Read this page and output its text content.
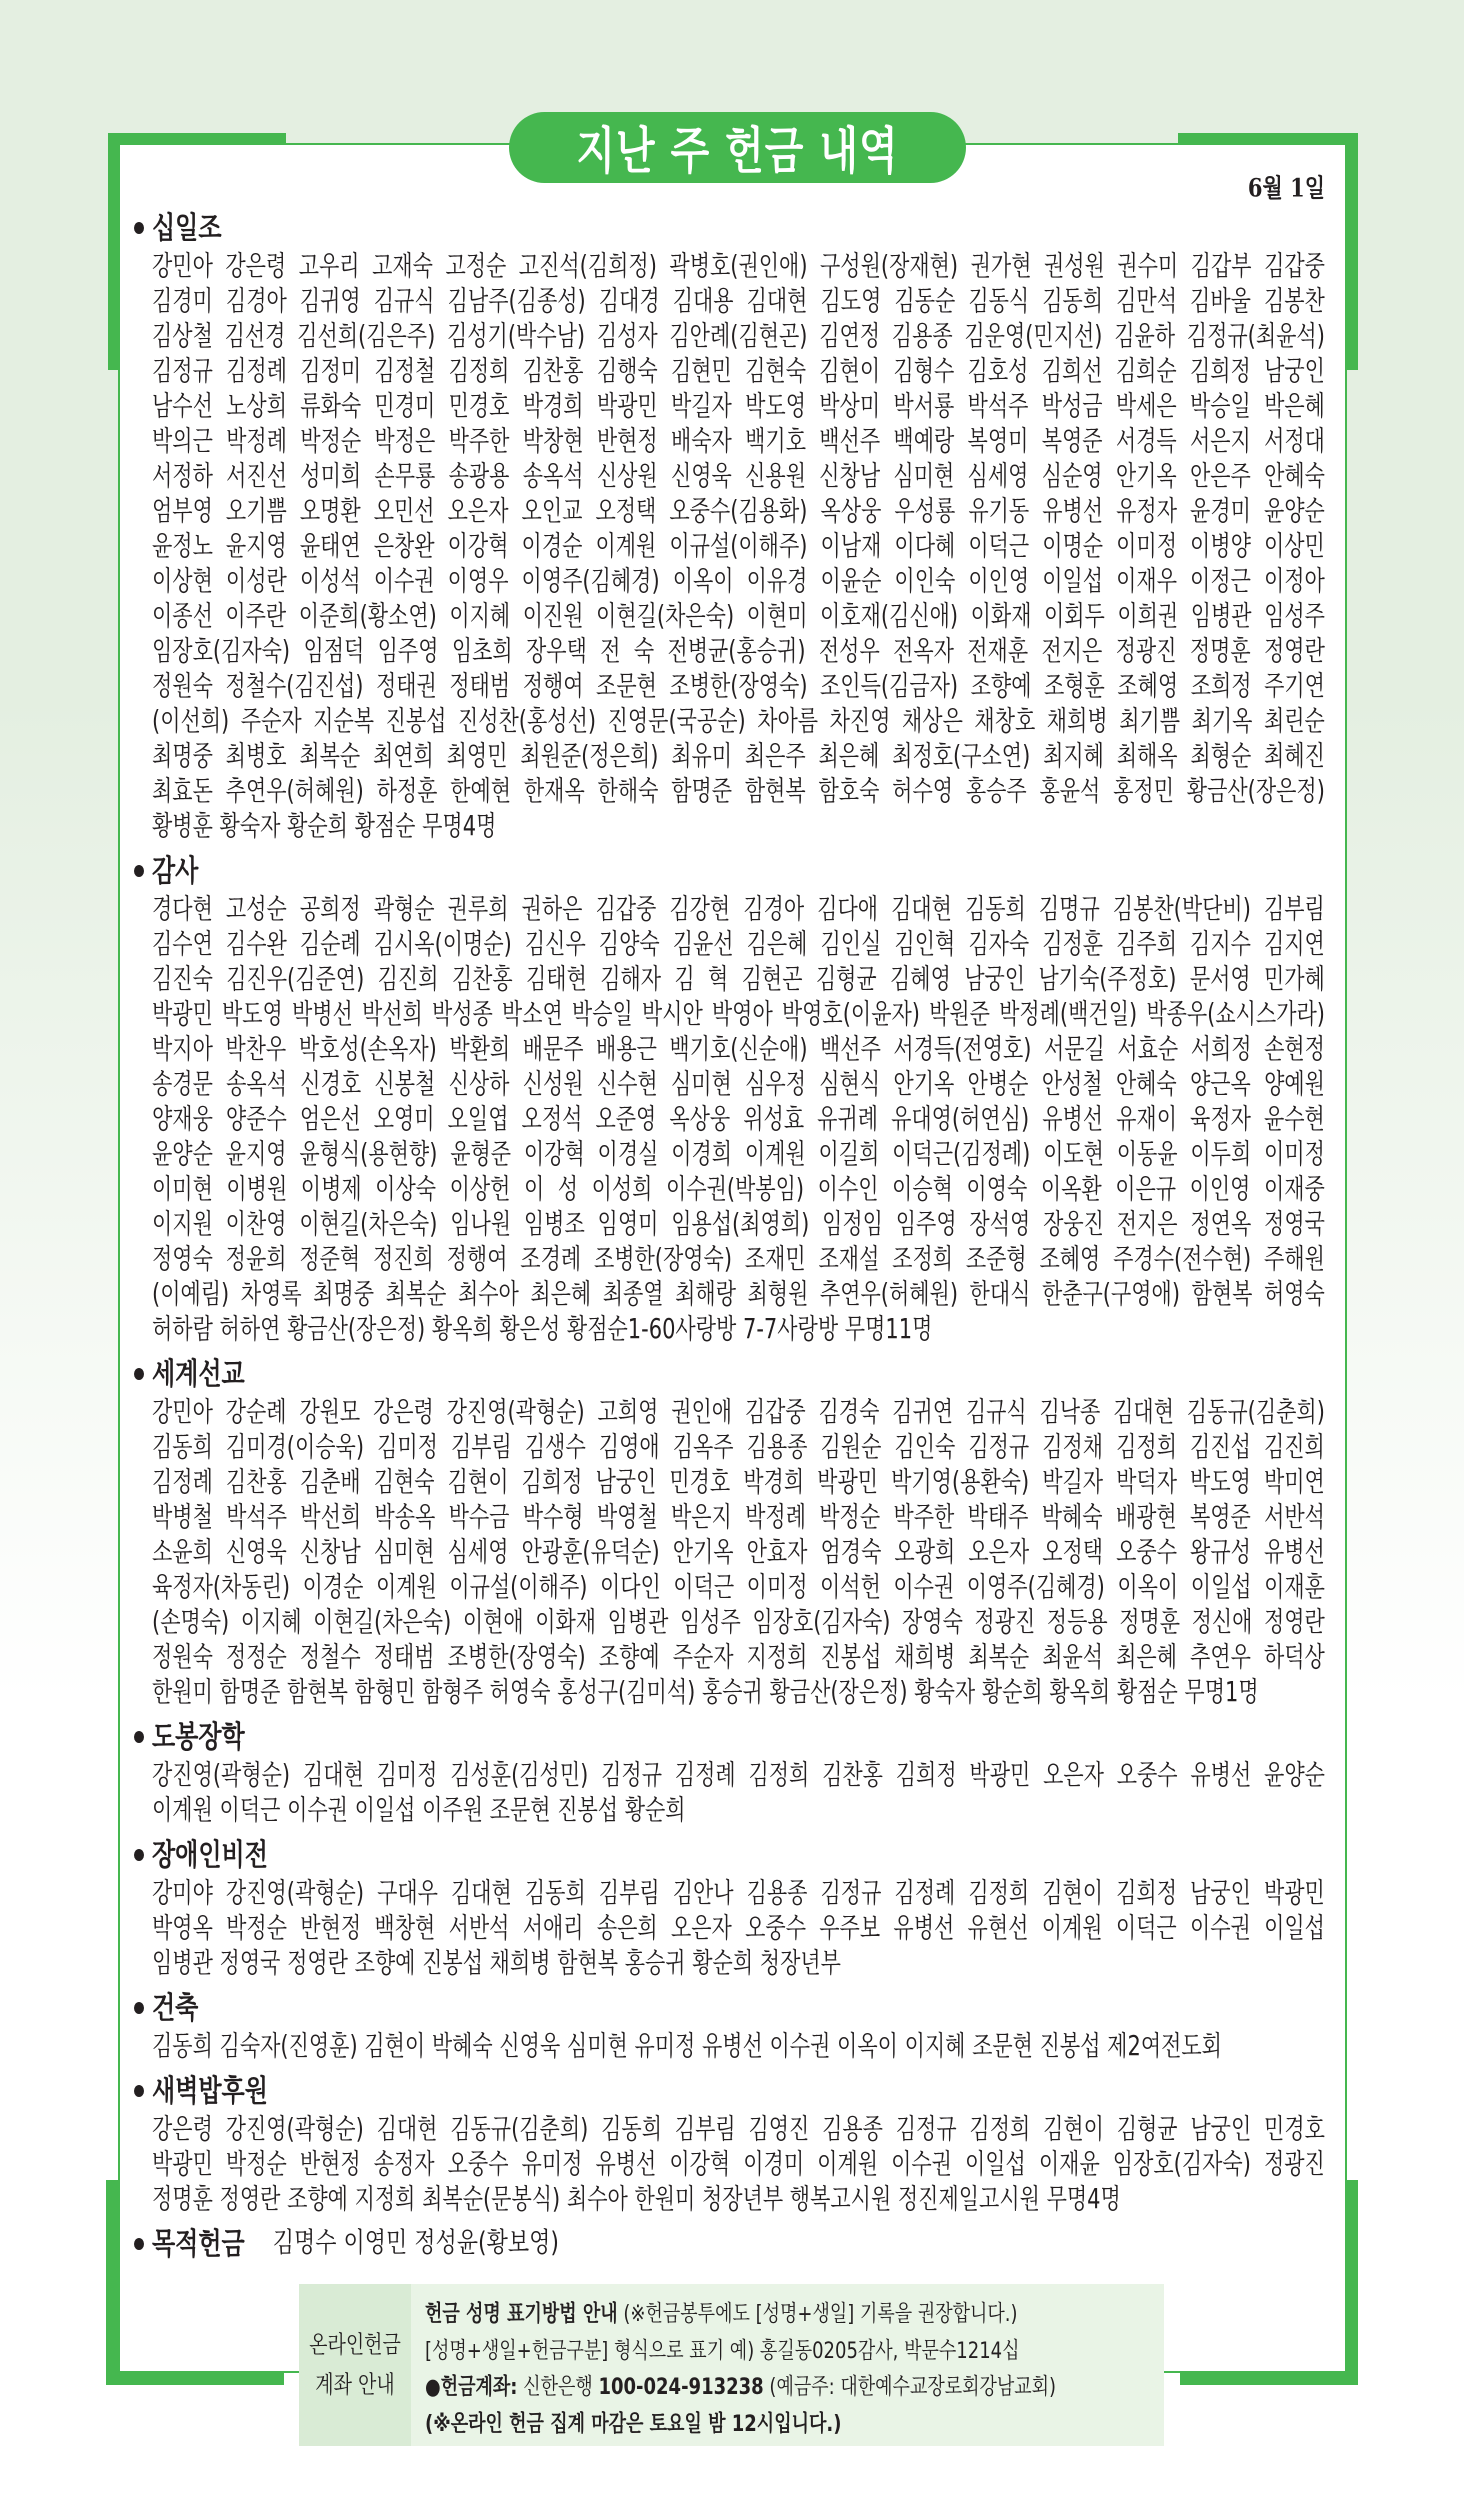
지난 주 헌금 내역
6월 1일
십일조
강민아 강은령 고우리 고재숙 고정순 고진석(김희정) 곽병호(권인애) 구성원(장재현) 권가현 권성원 권수미 김갑부 김갑중
김경미 김경아 김귀영 김규식 김남주(김종성) 김대경 김대용 김대현 김도영 김동순 김동식 김동희 김만석 김바울 김봉찬
김상철 김선경 김선희(김은주) 김성기(박수남) 김성자 김안례(김현곤) 김연정 김용종 김운영(민지선) 김윤하 김정규(최윤석)
김정규 김정례 김정미 김정철 김정희 김찬홍 김행숙 김현민 김현숙 김현이 김형수 김호성 김희선 김희순 김희정 남궁인
남수선 노상희 류화숙 민경미 민경호 박경희 박광민 박길자 박도영 박상미 박서룡 박석주 박성금 박세은 박승일 박은혜
박의근 박정례 박정순 박정은 박주한 박창현 반현정 배숙자 백기호 백선주 백예랑 복영미 복영준 서경득 서은지 서정대
서정하 서진선 성미희 손무룡 송광용 송옥석 신상원 신영욱 신용원 신창남 심미현 심세영 심순영 안기옥 안은주 안혜숙
엄부영 오기쁨 오명환 오민선 오은자 오인교 오정택 오중수(김용화) 옥상웅 우성룡 유기동 유병선 유정자 윤경미 윤양순
윤정노 윤지영 윤태연 은창완 이강혁 이경순 이계원 이규설(이해주) 이남재 이다혜 이덕근 이명순 이미정 이병양 이상민
이상현 이성란 이성석 이수권 이영우 이영주(김혜경) 이옥이 이유경 이윤순 이인숙 이인영 이일섭 이재우 이정근 이정아
이종선 이주란 이준희(황소연) 이지혜 이진원 이현길(차은숙) 이현미 이호재(김신애) 이화재 이회두 이희권 임병관 임성주
임장호(김자숙) 임점덕 임주영 임초희 장우택 전 숙 전병균(홍승귀) 전성우 전옥자 전재훈 전지은 정광진 정명훈 정영란
정원숙 정철수(김진섭) 정태권 정태범 정행여 조문현 조병한(장영숙) 조인득(김금자) 조향예 조형훈 조혜영 조희정 주기연
(이선희) 주순자 지순복 진봉섭 진성찬(홍성선) 진영문(국공순) 차아름 차진영 채상은 채창호 채희병 최기쁨 최기옥 최린순
최명중 최병호 최복순 최연희 최영민 최원준(정은희) 최유미 최은주 최은혜 최정호(구소연) 최지혜 최해옥 최형순 최혜진
최효돈 추연우(허혜원) 하정훈 한예현 한재옥 한해숙 함명준 함현복 함호숙 허수영 홍승주 홍윤석 홍정민 황금산(장은정)
황병훈 황숙자 황순희 황점순 무명4명
감사
경다현 고성순 공희정 곽형순 권루희 권하은 김갑중 김강현 김경아 김다애 김대현 김동희 김명규 김봉찬(박단비) 김부림
김수연 김수완 김순례 김시옥(이명순) 김신우 김양숙 김윤선 김은혜 김인실 김인혁 김자숙 김정훈 김주희 김지수 김지연
김진숙 김진우(김준연) 김진희 김찬홍 김태현 김해자 김 혁 김현곤 김형균 김혜영 남궁인 남기숙(주정호) 문서영 민가혜
박광민 박도영 박병선 박선희 박성종 박소연 박승일 박시안 박영아 박영호(이윤자) 박원준 박정례(백건일) 박종우(쇼시스가라)
박지아 박찬우 박호성(손옥자) 박환희 배문주 배용근 백기호(신순애) 백선주 서경득(전영호) 서문길 서효순 서희정 손현정
송경문 송옥석 신경호 신봉철 신상하 신성원 신수현 심미현 심우정 심현식 안기옥 안병순 안성철 안혜숙 양근옥 양예원
양재웅 양준수 엄은선 오영미 오일엽 오정석 오준영 옥상웅 위성효 유귀례 유대영(허연심) 유병선 유재이 육정자 윤수현
윤양순 윤지영 윤형식(용현향) 윤형준 이강혁 이경실 이경희 이계원 이길희 이덕근(김정례) 이도현 이동윤 이두희 이미정
이미현 이병원 이병제 이상숙 이상헌 이 성 이성희 이수권(박봉임) 이수인 이승혁 이영숙 이옥환 이은규 이인영 이재중
이지원 이찬영 이현길(차은숙) 임나원 임병조 임영미 임용섭(최영희) 임정임 임주영 장석영 장웅진 전지은 정연옥 정영국
정영숙 정윤희 정준혁 정진희 정행여 조경례 조병한(장영숙) 조재민 조재설 조정희 조준형 조혜영 주경수(전수현) 주해원
(이예림) 차영록 최명중 최복순 최수아 최은혜 최종열 최해랑 최형원 추연우(허혜원) 한대식 한춘구(구영애) 함현복 허영숙
허하람 허하연 황금산(장은정) 황옥희 황은성 황점순1-60사랑방 7-7사랑방 무명11명
세계선교
강민아 강순례 강원모 강은령 강진영(곽형순) 고희영 권인애 김갑중 김경숙 김귀연 김규식 김낙종 김대현 김동규(김춘희)
김동희 김미경(이승욱) 김미정 김부림 김생수 김영애 김옥주 김용종 김원순 김인숙 김정규 김정채 김정희 김진섭 김진희
김정례 김찬홍 김춘배 김현숙 김현이 김희정 남궁인 민경호 박경희 박광민 박기영(용환숙) 박길자 박덕자 박도영 박미연
박병철 박석주 박선희 박송옥 박수금 박수형 박영철 박은지 박정례 박정순 박주한 박태주 박혜숙 배광현 복영준 서반석
소윤희 신영욱 신창남 심미현 심세영 안광훈(유덕순) 안기옥 안효자 엄경숙 오광희 오은자 오정택 오중수 왕규성 유병선
육정자(차동린) 이경순 이계원 이규설(이해주) 이다인 이덕근 이미정 이석헌 이수권 이영주(김혜경) 이옥이 이일섭 이재훈
(손명숙) 이지혜 이현길(차은숙) 이현애 이화재 임병관 임성주 임장호(김자숙) 장영숙 정광진 정등용 정명훈 정신애 정영란
정원숙 정정순 정철수 정태범 조병한(장영숙) 조향예 주순자 지정희 진봉섭 채희병 최복순 최윤석 최은혜 추연우 하덕상
한원미 함명준 함현복 함형민 함형주 허영숙 홍성구(김미석) 홍승귀 황금산(장은정) 황숙자 황순희 황옥희 황점순 무명1명
도봉장학
강진영(곽형순) 김대현 김미정 김성훈(김성민) 김정규 김정례 김정희 김찬홍 김희정 박광민 오은자 오중수 유병선 윤양순
이계원 이덕근 이수권 이일섭 이주원 조문현 진봉섭 황순희
장애인비전
강미야 강진영(곽형순) 구대우 김대현 김동희 김부림 김안나 김용종 김정규 김정례 김정희 김현이 김희정 남궁인 박광민
박영옥 박정순 반현정 백창현 서반석 서애리 송은희 오은자 오중수 우주보 유병선 유현선 이계원 이덕근 이수권 이일섭
임병관 정영국 정영란 조향예 진봉섭 채희병 함현복 홍승귀 황순희 청장년부
건축
김동희 김숙자(진영훈) 김현이 박혜숙 신영욱 심미현 유미정 유병선 이수권 이옥이 이지혜 조문현 진봉섭 제2여전도회
새벽밥후원
강은령 강진영(곽형순) 김대현 김동규(김춘희) 김동희 김부림 김영진 김용종 김정규 김정희 김현이 김형균 남궁인 민경호
박광민 박정순 반현정 송정자 오중수 유미정 유병선 이강혁 이경미 이계원 이수권 이일섭 이재윤 임장호(김자숙) 정광진
정명훈 정영란 조향예 지정희 최복순(문봉식) 최수아 한원미 청장년부 행복고시원 정진제일고시원 무명4명
목적헌금 김명수 이영민 정성윤(황보영)
온라인헌금
계좌 안내
헌금 성명 표기방법 안내 (※헌금봉투에도 [성명+생일] 기록을 권장합니다.)
[성명+생일+헌금구분] 형식으로 표기 예) 홍길동0205감사, 박문수1214십
●헌금계좌: 신한은행 100-024-913238 (예금주: 대한예수교장로회강남교회)
(※온라인 헌금 집계 마감은 토요일 밤 12시입니다.)
